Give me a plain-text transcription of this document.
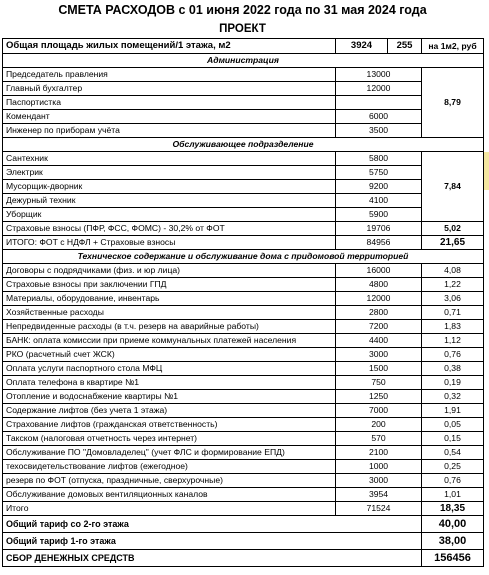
СМЕТА РАСХОДОВ с 01 июня 2022 года по 31 мая 2024 года
ПРОЕКТ
Общая площадь жилых помещений/1 этажа, м2	3924	255	на 1м2, руб
Администрация			
Председатель правления	13000		8,79
Главный бухгалтер	12000		
Паспортистка			
Комендант	6000		
Инженер по приборам учёта	3500		
Обслуживающее подразделение			
Сантехник	5800		7,84
Электрик	5750		
Мусорщик-дворник	9200		
Дежурный техник	4100		
Уборщик	5900		
Страховые взносы (ПФР, ФСС, ФОМС) - 30,2% от ФОТ	19706		5,02
ИТОГО: ФОТ с НДФЛ + Страховые взносы	84956		21,65
Техническое содержание и обслуживание дома с придомовой территорией			
Договоры с подрядчиками (физ. и юр лица)	16000		4,08
Страховые взносы при заключении ГПД	4800		1,22
Материалы, оборудование, инвентарь	12000		3,06
Хозяйственные расходы	2800		0,71
Непредвиденные расходы (в т.ч. резерв на аварийные работы)	7200		1,83
БАНК: оплата комиссии при приеме коммунальных платежей населения	4400		1,12
РКО (расчетный счет ЖСК)	3000		0,76
Оплата услуги паспортного стола МФЦ	1500		0,38
Оплата телефона в квартире №1	750		0,19
Отопление и водоснабжение квартиры №1	1250		0,32
Содержание лифтов (без учета 1 этажа)	7000		1,91
Страхование лифтов (гражданская ответственность)	200		0,05
Такском (налоговая отчетность через интернет)	570		0,15
Обслуживание ПО "Домовладелец" (учет ФЛС и формирование ЕПД)	2100		0,54
техосвидетельствование лифтов (ежегодное)	1000		0,25
резерв по ФОТ (отпуска, праздничные, сверхурочные)	3000		0,76
Обслуживание домовых вентиляционных каналов	3954		1,01
Итого	71524		18,35
Общий тариф со 2-го этажа			40,00
Общий тариф 1-го этажа			38,00
СБОР ДЕНЕЖНЫХ СРЕДСТВ			156456
